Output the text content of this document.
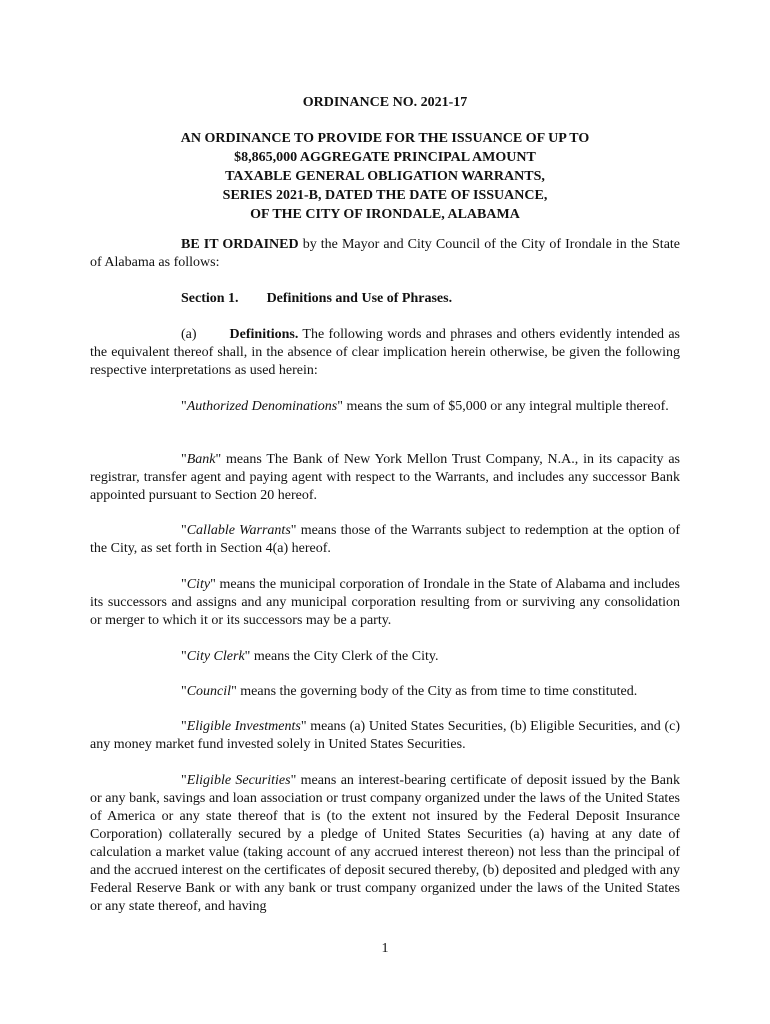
ORDINANCE NO. 2021-17

AN ORDINANCE TO PROVIDE FOR THE ISSUANCE OF UP TO
$8,865,000 AGGREGATE PRINCIPAL AMOUNT
TAXABLE GENERAL OBLIGATION WARRANTS,
SERIES 2021-B, DATED THE DATE OF ISSUANCE,
OF THE CITY OF IRONDALE, ALABAMA

BE IT ORDAINED by the Mayor and City Council of the City of Irondale in the State of Alabama as follows:

Section 1. Definitions and Use of Phrases.

(a) Definitions. The following words and phrases and others evidently intended as the equivalent thereof shall, in the absence of clear implication herein otherwise, be given the following respective interpretations as used herein:

"Authorized Denominations" means the sum of $5,000 or any integral multiple thereof.

"Bank" means The Bank of New York Mellon Trust Company, N.A., in its capacity as registrar, transfer agent and paying agent with respect to the Warrants, and includes any successor Bank appointed pursuant to Section 20 hereof.

"Callable Warrants" means those of the Warrants subject to redemption at the option of the City, as set forth in Section 4(a) hereof.

"City" means the municipal corporation of Irondale in the State of Alabama and includes its successors and assigns and any municipal corporation resulting from or surviving any consolidation or merger to which it or its successors may be a party.

"City Clerk" means the City Clerk of the City.

"Council" means the governing body of the City as from time to time constituted.

"Eligible Investments" means (a) United States Securities, (b) Eligible Securities, and (c) any money market fund invested solely in United States Securities.

"Eligible Securities" means an interest-bearing certificate of deposit issued by the Bank or any bank, savings and loan association or trust company organized under the laws of the United States of America or any state thereof that is (to the extent not insured by the Federal Deposit Insurance Corporation) collaterally secured by a pledge of United States Securities (a) having at any date of calculation a market value (taking account of any accrued interest thereon) not less than the principal of and the accrued interest on the certificates of deposit secured thereby, (b) deposited and pledged with any Federal Reserve Bank or with any bank or trust company organized under the laws of the United States or any state thereof, and having

1
